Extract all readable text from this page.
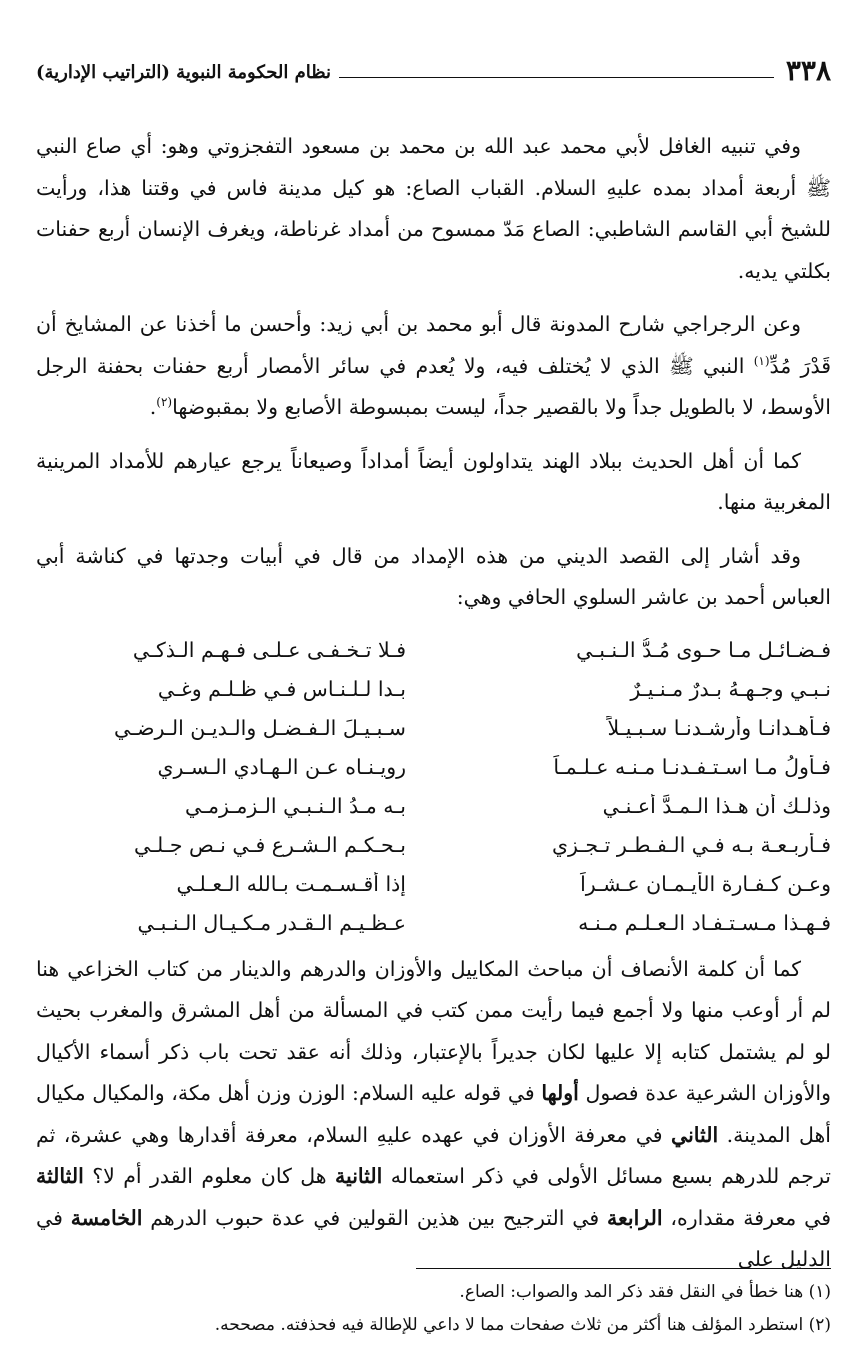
٣٣٨
نظام الحكومة النبوية (التراتيب الإدارية)

وفي تنبيه الغافل لأبي محمد عبد الله بن محمد بن مسعود التفجزوتي وهو: أي صاع النبي ﷺ أربعة أمداد بمده عليهِ السلام. القباب الصاع: هو كيل مدينة فاس في وقتنا هذا، ورأيت للشيخ أبي القاسم الشاطبي: الصاع مَدّ ممسوح من أمداد غرناطة، ويغرف الإنسان أربع حفنات بكلتي يديه.

وعن الرجراجي شارح المدونة قال أبو محمد بن أبي زيد: وأحسن ما أخذنا عن المشايخ أن قَدْرَ مُدِّ$^{(١)}$ النبي ﷺ الذي لا يُختلف فيه، ولا يُعدم في سائر الأمصار أربع حفنات بحفنة الرجل الأوسط، لا بالطويل جداً ولا بالقصير جداً، ليست بمبسوطة الأصابع ولا بمقبوضها$^{(٢)}$.

كما أن أهل الحديث ببلاد الهند يتداولون أيضاً أمداداً وصيعاناً يرجع عيارهم للأمداد المرينية المغربية منها.

وقد أشار إلى القصد الديني من هذه الإمداد من قال في أبيات وجدتها في كناشة أبي العباس أحمد بن عاشر السلوي الحافي وهي:

فـضـائـل مـا حـوى مُـدُّ الـنـبـي
فـلا تـخـفـى عـلـى فـهـم الـذكـي
نـبـي وجـهـهُ بـدرٌ مـنـيـرٌ
بـدا لـلـنـاس فـي ظـلـم وغـي
فـأهـدانـا وأرشـدنـا سـبـيـلاً
سـبـيـلَ الـفـضـل والـديـن الـرضـي
فـأولُ مـا اسـتـفـدنـا مـنـه عـلـمـاً
رويـنـاه عـن الـهـادي الـسـري
وذلـك أن هـذا الـمـدَّ أعـنـي
بـه مـدُ الـنـبـي الـزمـزمـي
فـأربـعـة بـه فـي الـفـطـر تـجـزي
بـحـكـم الـشـرع فـي نـص جـلـي
وعـن كـفـارة الأيـمـان عـشـراً
إذا أقـسـمـت بـالله الـعـلـي
فـهـذا مـسـتـفـاد الـعـلـم مـنـه
عـظـيـم الـقـدر مـكـيـال الـنـبـي

كما أن كلمة الأنصاف أن مباحث المكاييل والأوزان والدرهم والدينار من كتاب الخزاعي هنا لم أر أوعب منها ولا أجمع فيما رأيت ممن كتب في المسألة من أهل المشرق والمغرب بحيث لو لم يشتمل كتابه إلا عليها لكان جديراً بالإعتبار، وذلك أنه عقد تحت باب ذكر أسماء الأكيال والأوزان الشرعية عدة فصول أولها في قوله عليه السلام: الوزن وزن أهل مكة، والمكيال مكيال أهل المدينة. الثاني في معرفة الأوزان في عهده عليهِ السلام، معرفة أقدارها وهي عشرة، ثم ترجم للدرهم بسبع مسائل الأولى في ذكر استعماله الثانية هل كان معلوم القدر أم لا؟ الثالثة في معرفة مقداره، الرابعة في الترجيح بين هذين القولين في عدة حبوب الدرهم الخامسة في الدليل على

(١) هنا خطأ في النقل فقد ذكر المد والصواب: الصاع.
(٢) استطرد المؤلف هنا أكثر من ثلاث صفحات مما لا داعي للإطالة فيه فحذفته. مصححه.
